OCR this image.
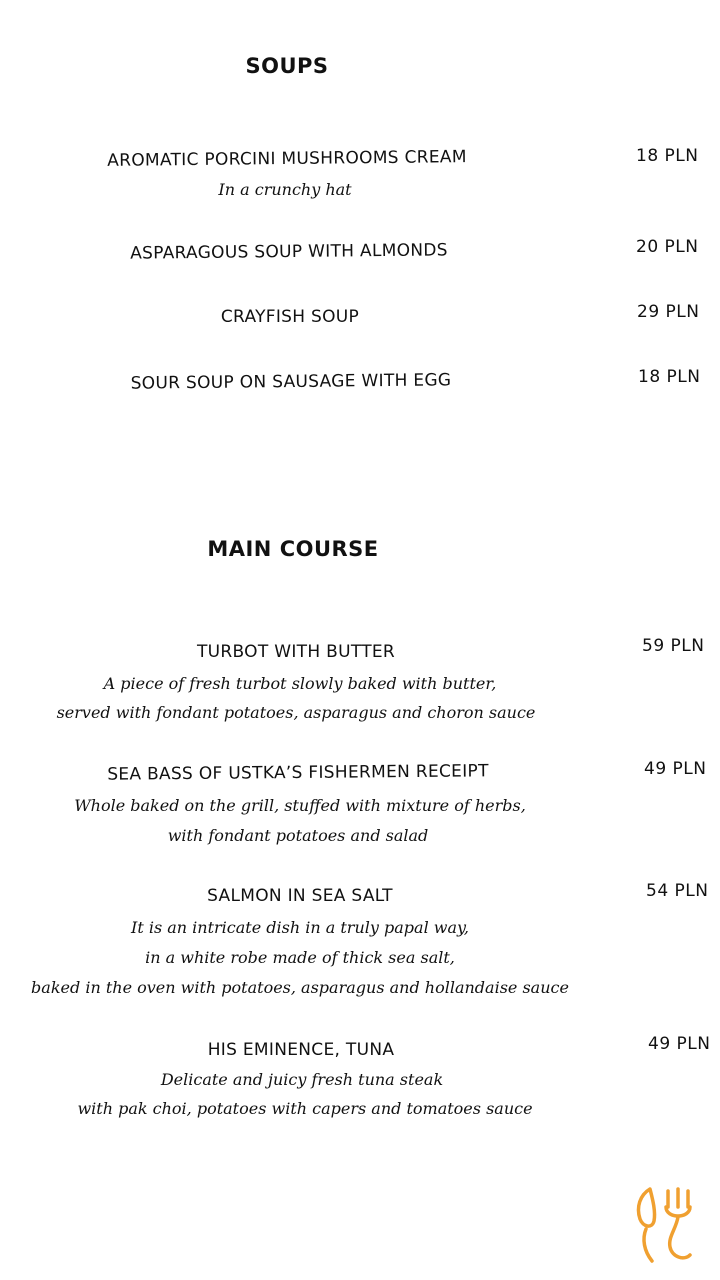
SOUPS
AROMATIC PORCINI MUSHROOMS CREAM
In a crunchy hat
18 PLN
ASPARAGOUS SOUP WITH ALMONDS	20 PLN
CRAYFISH SOUP	29 PLN
SOUR SOUP ON SAUSAGE WITH EGG	18 PLN
MAIN COURSE
TURBOT WITH BUTTER
A piece of fresh turbot slowly baked with butter,
served with fondant potatoes, asparagus and choron sauce
59 PLN
SEA BASS OF USTKA’S FISHERMEN RECEIPT
Whole baked on the grill, stuffed with mixture of herbs,
with fondant potatoes and salad
49 PLN
SALMON IN SEA SALT
It is an intricate dish in a truly papal way,
in a white robe made of thick sea salt,
baked in the oven with potatoes, asparagus and hollandaise sauce
54 PLN
HIS EMINENCE, TUNA
Delicate and juicy fresh tuna steak
with pak choi, potatoes with capers and tomatoes sauce
49 PLN
